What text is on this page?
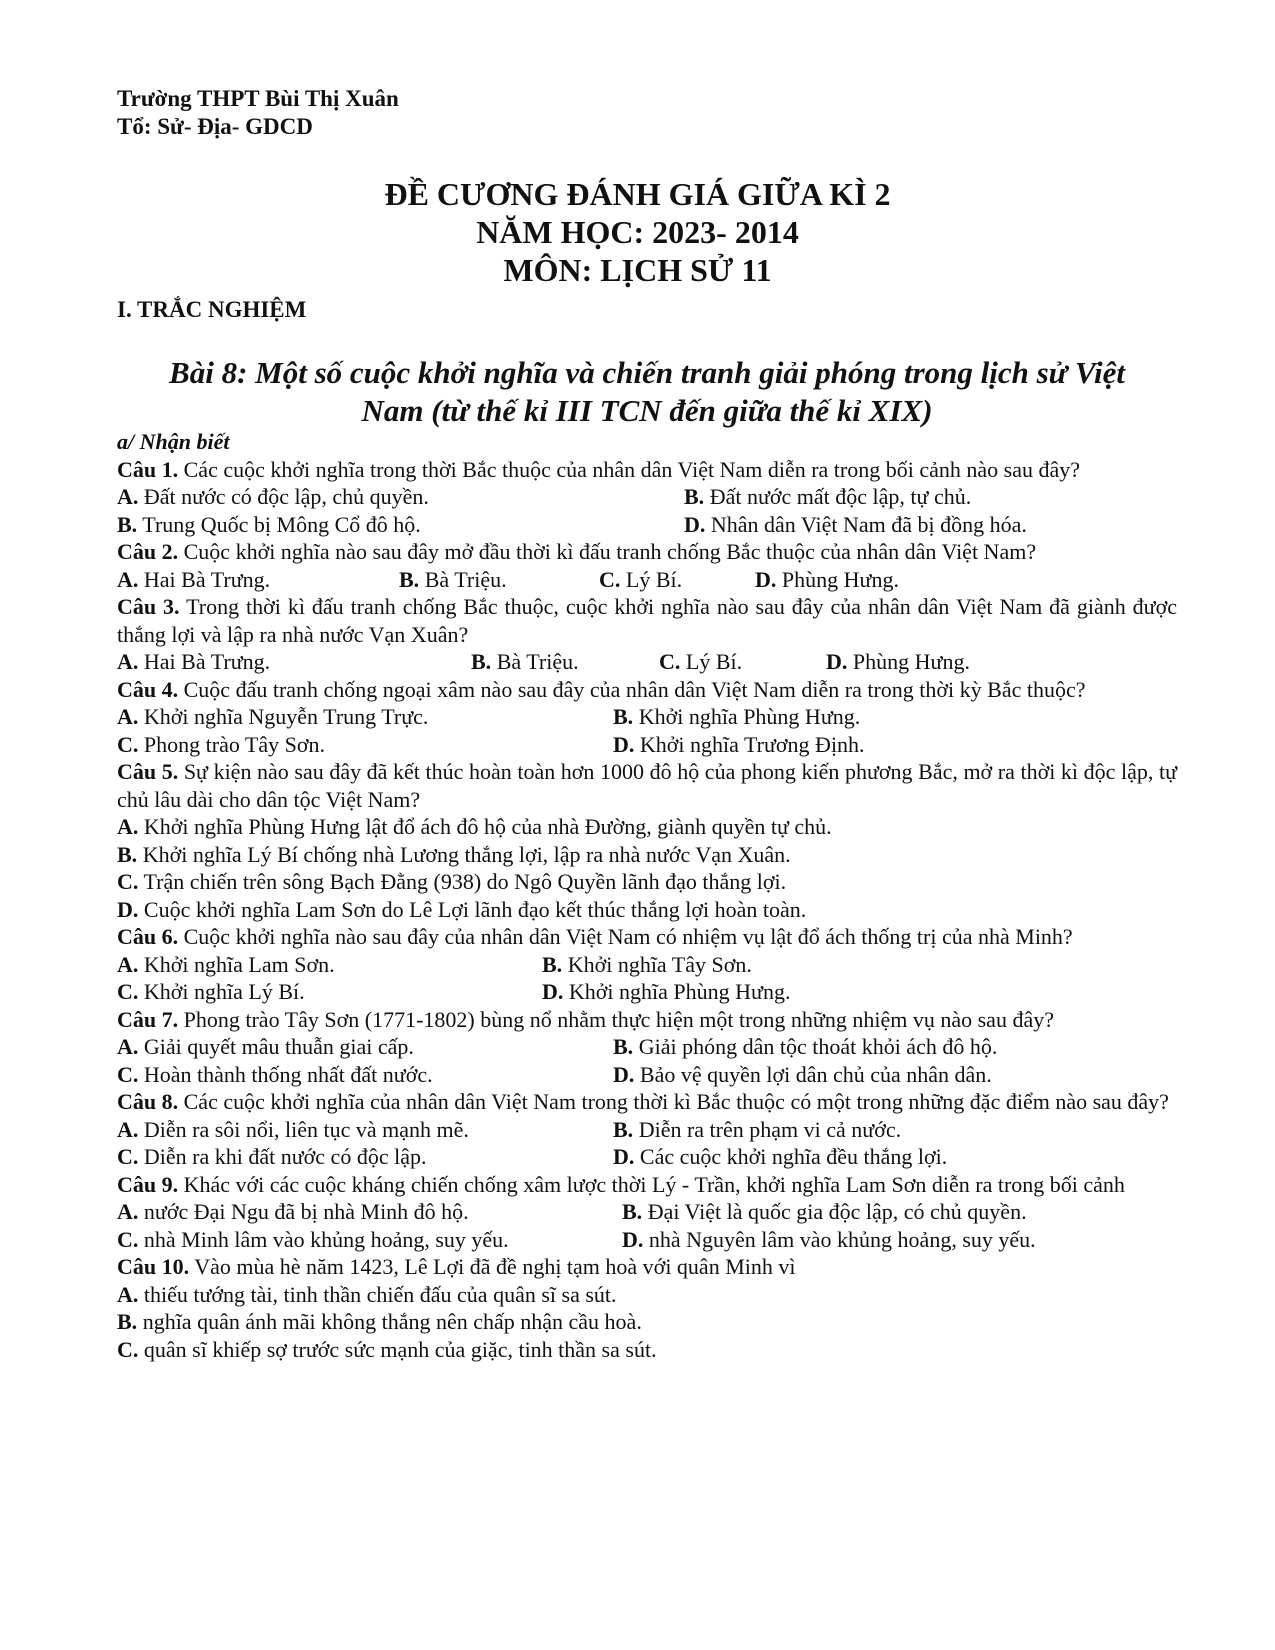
Trường THPT Bùi Thị Xuân
Tổ: Sử- Địa- GDCD
ĐỀ CƯƠNG ĐÁNH GIÁ GIỮA KÌ 2
NĂM HỌC: 2023- 2014
MÔN: LỊCH SỬ 11
I. TRẮC NGHIỆM
Bài 8: Một số cuộc khởi nghĩa và chiến tranh giải phóng trong lịch sử Việt
Nam (từ thế kỉ III TCN đến giữa thế kỉ XIX)
a/ Nhận biết
Câu 1. Các cuộc khởi nghĩa trong thời Bắc thuộc của nhân dân Việt Nam diễn ra trong bối cảnh nào sau đây?
A. Đất nước có độc lập, chủ quyền.	B. Đất nước mất độc lập, tự chủ.
B. Trung Quốc bị Mông Cổ đô hộ.	D. Nhân dân Việt Nam đã bị đồng hóa.
Câu 2. Cuộc khởi nghĩa nào sau đây mở đầu thời kì đấu tranh chống Bắc thuộc của nhân dân Việt Nam?
A. Hai Bà Trưng.	B. Bà Triệu.	C. Lý Bí.	D. Phùng Hưng.
Câu 3. Trong thời kì đấu tranh chống Bắc thuộc, cuộc khởi nghĩa nào sau đây của nhân dân Việt Nam đã giành được thắng lợi và lập ra nhà nước Vạn Xuân?
A. Hai Bà Trưng.	B. Bà Triệu.	C. Lý Bí.	D. Phùng Hưng.
Câu 4. Cuộc đấu tranh chống ngoại xâm nào sau đây của nhân dân Việt Nam diễn ra trong thời kỳ Bắc thuộc?
A. Khởi nghĩa Nguyễn Trung Trực.	B. Khởi nghĩa Phùng Hưng.
C. Phong trào Tây Sơn.	D. Khởi nghĩa Trương Định.
Câu 5. Sự kiện nào sau đây đã kết thúc hoàn toàn hơn 1000 đô hộ của phong kiến phương Bắc, mở ra thời kì độc lập, tự chủ lâu dài cho dân tộc Việt Nam?
A. Khởi nghĩa Phùng Hưng lật đổ ách đô hộ của nhà Đường, giành quyền tự chủ.
B. Khởi nghĩa Lý Bí chống nhà Lương thắng lợi, lập ra nhà nước Vạn Xuân.
C. Trận chiến trên sông Bạch Đằng (938) do Ngô Quyền lãnh đạo thắng lợi.
D. Cuộc khởi nghĩa Lam Sơn do Lê Lợi lãnh đạo kết thúc thắng lợi hoàn toàn.
Câu 6. Cuộc khởi nghĩa nào sau đây của nhân dân Việt Nam có nhiệm vụ lật đổ ách thống trị của nhà Minh?
A. Khởi nghĩa Lam Sơn.	B. Khởi nghĩa Tây Sơn.
C. Khởi nghĩa Lý Bí.	D. Khởi nghĩa Phùng Hưng.
Câu 7. Phong trào Tây Sơn (1771-1802) bùng nổ nhằm thực hiện một trong những nhiệm vụ nào sau đây?
A. Giải quyết mâu thuẫn giai cấp.	B. Giải phóng dân tộc thoát khỏi ách đô hộ.
C. Hoàn thành thống nhất đất nước.	D. Bảo vệ quyền lợi dân chủ của nhân dân.
Câu 8. Các cuộc khởi nghĩa của nhân dân Việt Nam trong thời kì Bắc thuộc có một trong những đặc điểm nào sau đây?
A. Diễn ra sôi nổi, liên tục và mạnh mẽ.	B. Diễn ra trên phạm vi cả nước.
C. Diễn ra khi đất nước có độc lập.	D. Các cuộc khởi nghĩa đều thắng lợi.
Câu 9. Khác với các cuộc kháng chiến chống xâm lược thời Lý - Trần, khởi nghĩa Lam Sơn diễn ra trong bối cảnh
A. nước Đại Ngu đã bị nhà Minh đô hộ.	B. Đại Việt là quốc gia độc lập, có chủ quyền.
C. nhà Minh lâm vào khủng hoảng, suy yếu.	D. nhà Nguyên lâm vào khủng hoảng, suy yếu.
Câu 10. Vào mùa hè năm 1423, Lê Lợi đã đề nghị tạm hoà với quân Minh vì
A. thiếu tướng tài, tinh thần chiến đấu của quân sĩ sa sút.
B. nghĩa quân ánh mãi không thắng nên chấp nhận cầu hoà.
C. quân sĩ khiếp sợ trước sức mạnh của giặc, tinh thần sa sút.
